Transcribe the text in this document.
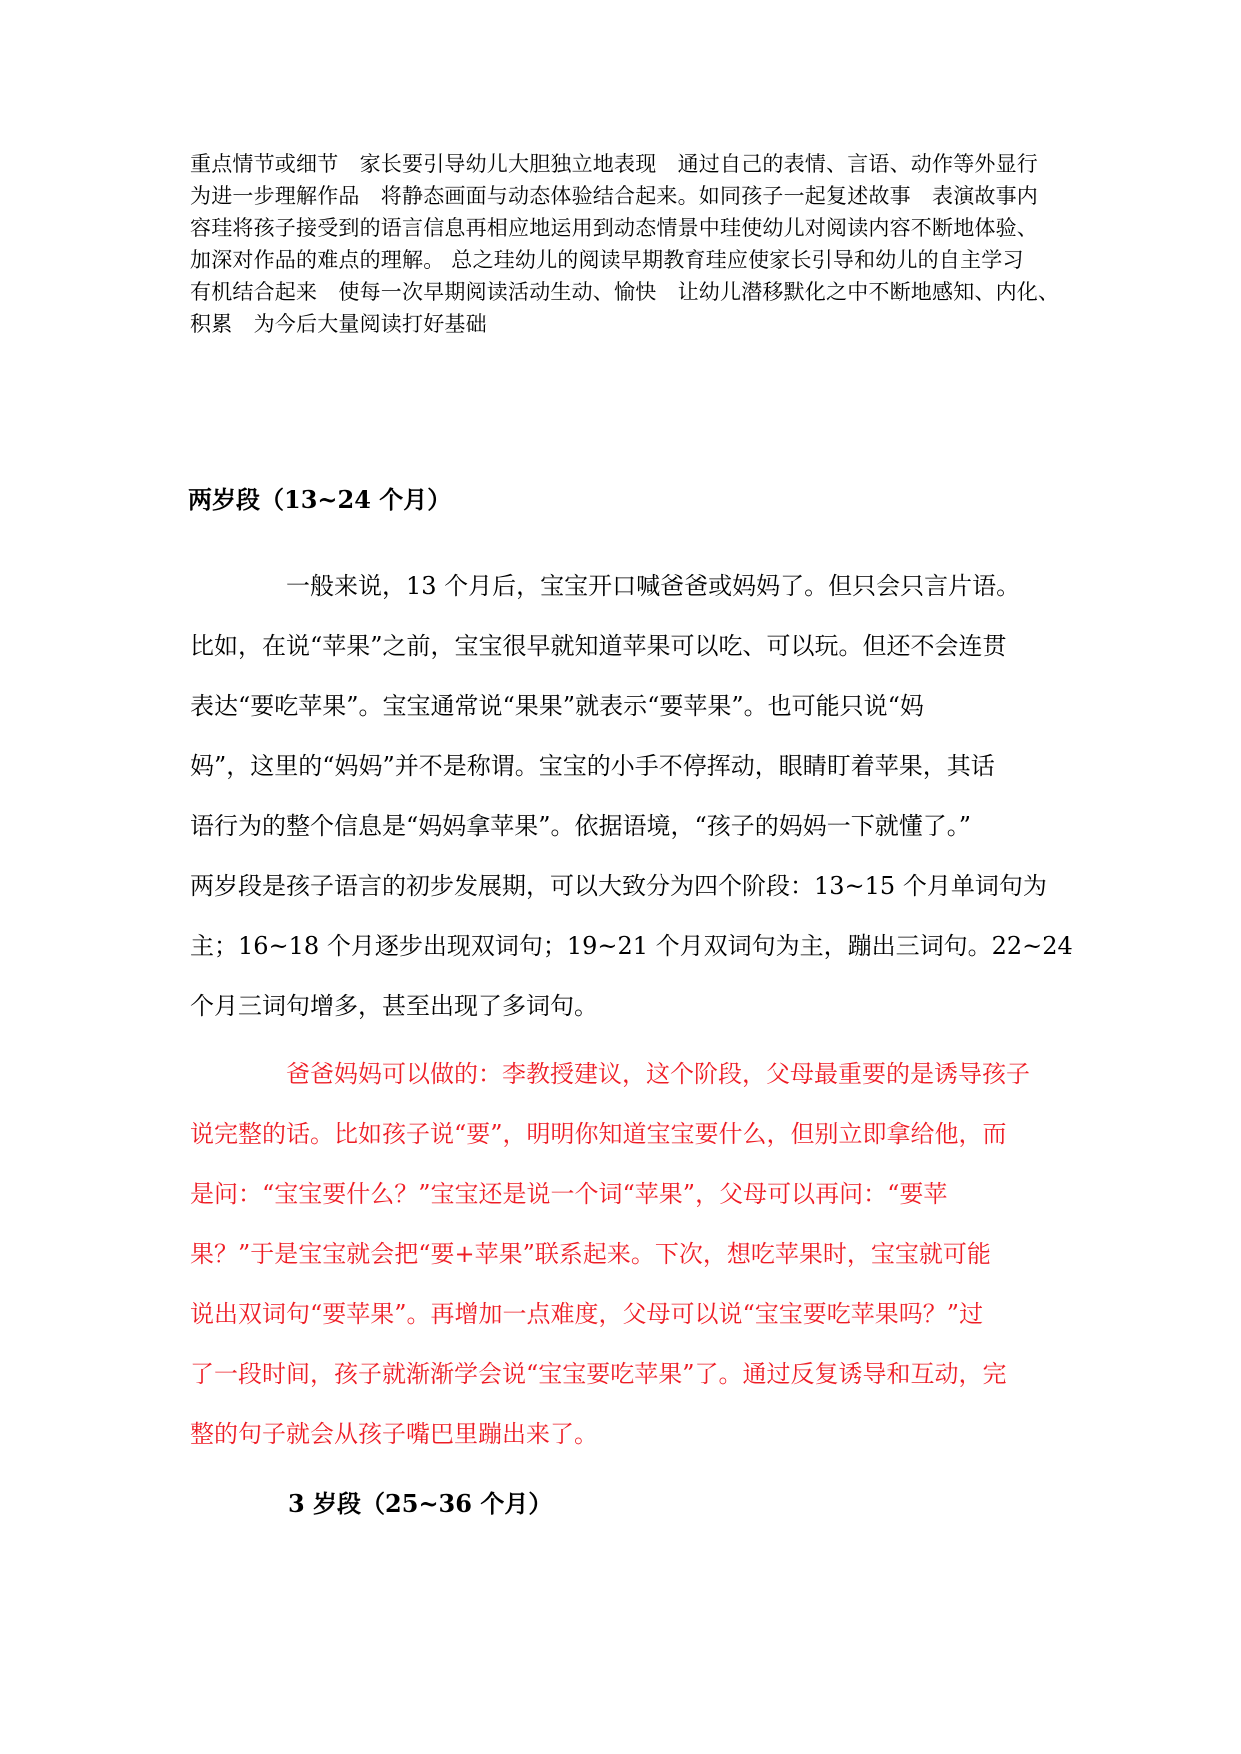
重点情节或细节　家长要引导幼儿大胆独立地表现　通过自己的表情、言语、动作等外显行
为进一步理解作品　将静态画面与动态体验结合起来。如同孩子一起复述故事　表演故事内
容珪将孩子接受到的语言信息再相应地运用到动态情景中珪使幼儿对阅读内容不断地体验、
加深对作品的难点的理解。 总之珪幼儿的阅读早期教育珪应使家长引导和幼儿的自主学习
有机结合起来　使每一次早期阅读活动生动、愉快　让幼儿潜移默化之中不断地感知、内化、
积累　为今后大量阅读打好基础
两岁段（13~24 个月）
一般来说，13 个月后，宝宝开口喊爸爸或妈妈了。但只会只言片语。
比如，在说“苹果”之前，宝宝很早就知道苹果可以吃、可以玩。但还不会连贯
表达“要吃苹果”。宝宝通常说“果果”就表示“要苹果”。也可能只说“妈
妈”，这里的“妈妈”并不是称谓。宝宝的小手不停挥动，眼睛盯着苹果，其话
语行为的整个信息是“妈妈拿苹果”。依据语境，“孩子的妈妈一下就懂了。”
两岁段是孩子语言的初步发展期，可以大致分为四个阶段：13~15 个月单词句为
主；16~18 个月逐步出现双词句；19~21 个月双词句为主，蹦出三词句。22~24
个月三词句增多，甚至出现了多词句。
爸爸妈妈可以做的：李教授建议，这个阶段，父母最重要的是诱导孩子
说完整的话。比如孩子说“要”，明明你知道宝宝要什么，但别立即拿给他，而
是问：“宝宝要什么？”宝宝还是说一个词“苹果”，父母可以再问：“要苹
果？”于是宝宝就会把“要+苹果”联系起来。下次，想吃苹果时，宝宝就可能
说出双词句“要苹果”。再增加一点难度，父母可以说“宝宝要吃苹果吗？”过
了一段时间，孩子就渐渐学会说“宝宝要吃苹果”了。通过反复诱导和互动，完
整的句子就会从孩子嘴巴里蹦出来了。
3 岁段（25~36 个月）
